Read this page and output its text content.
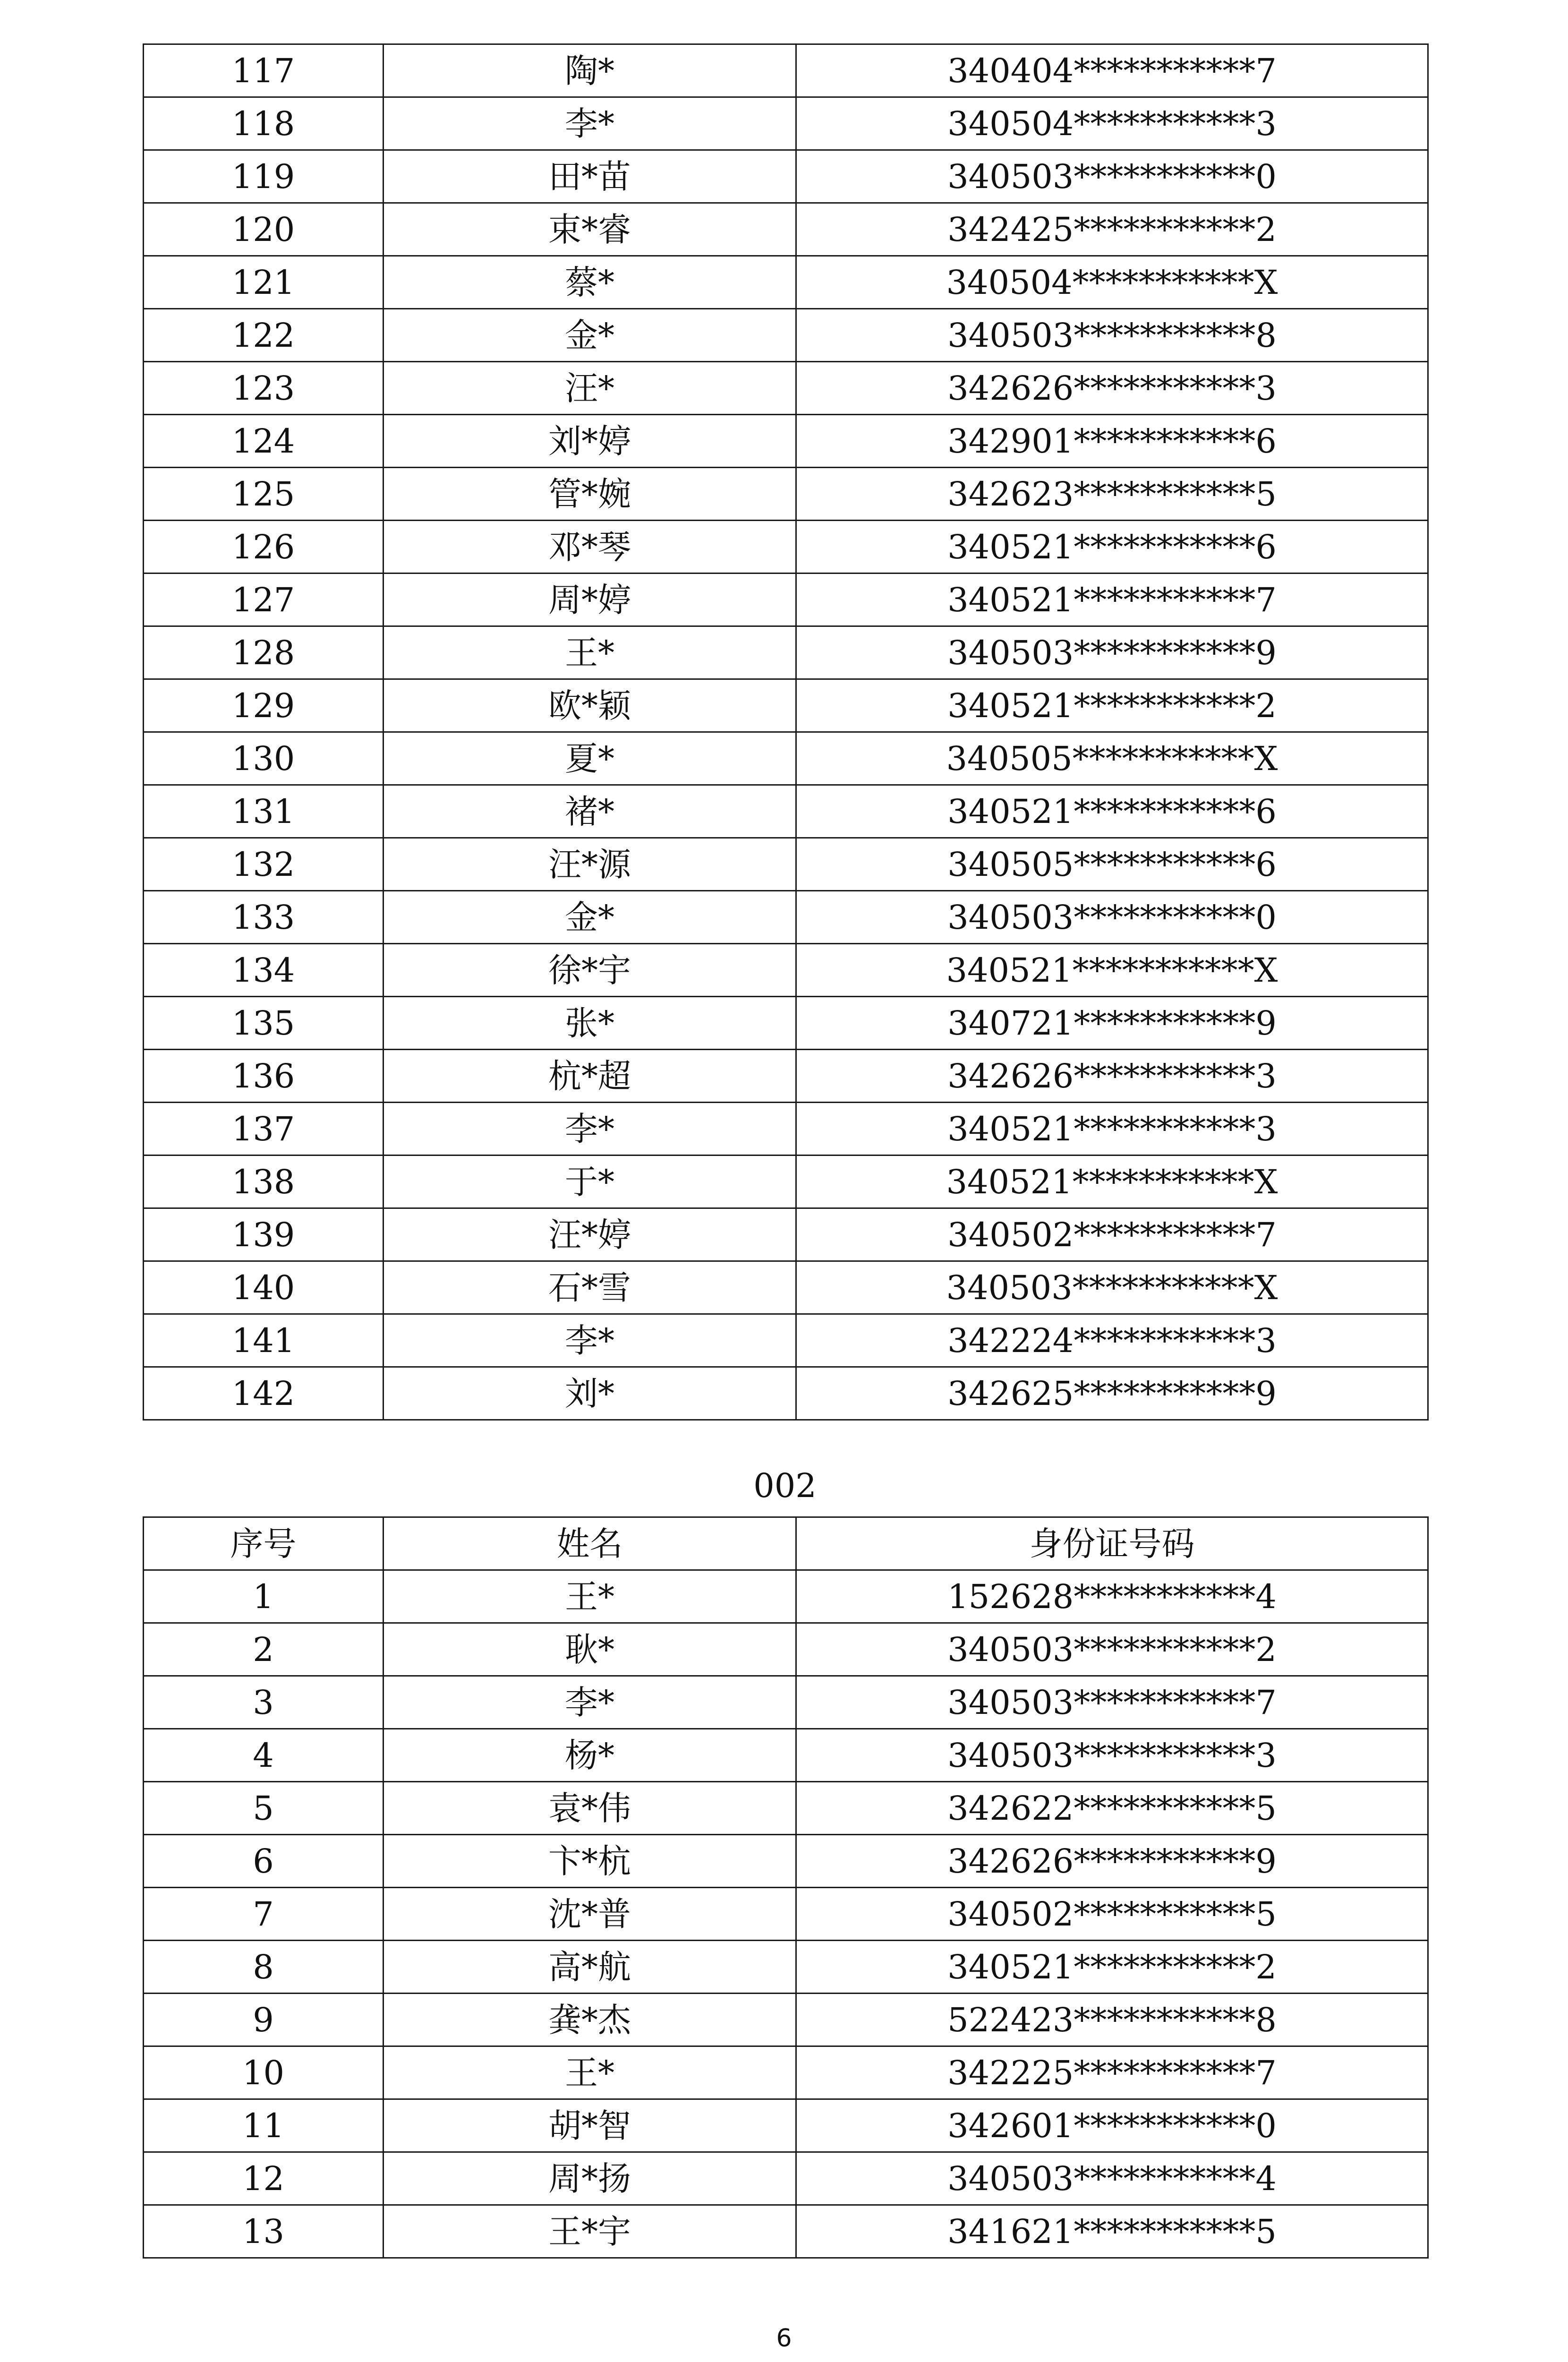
117	陶*	340404***********7
118	李*	340504***********3
119	田*苗	340503***********0
120	束*睿	342425***********2
121	蔡*	340504***********X
122	金*	340503***********8
123	汪*	342626***********3
124	刘*婷	342901***********6
125	管*婉	342623***********5
126	邓*琴	340521***********6
127	周*婷	340521***********7
128	王*	340503***********9
129	欧*颖	340521***********2
130	夏*	340505***********X
131	褚*	340521***********6
132	汪*源	340505***********6
133	金*	340503***********0
134	徐*宇	340521***********X
135	张*	340721***********9
136	杭*超	342626***********3
137	李*	340521***********3
138	于*	340521***********X
139	汪*婷	340502***********7
140	石*雪	340503***********X
141	李*	342224***********3
142	刘*	342625***********9
002
序号	姓名	身份证号码
1	王*	152628***********4
2	耿*	340503***********2
3	李*	340503***********7
4	杨*	340503***********3
5	袁*伟	342622***********5
6	卞*杭	342626***********9
7	沈*普	340502***********5
8	高*航	340521***********2
9	龚*杰	522423***********8
10	王*	342225***********7
11	胡*智	342601***********0
12	周*扬	340503***********4
13	王*宇	341621***********5
6
